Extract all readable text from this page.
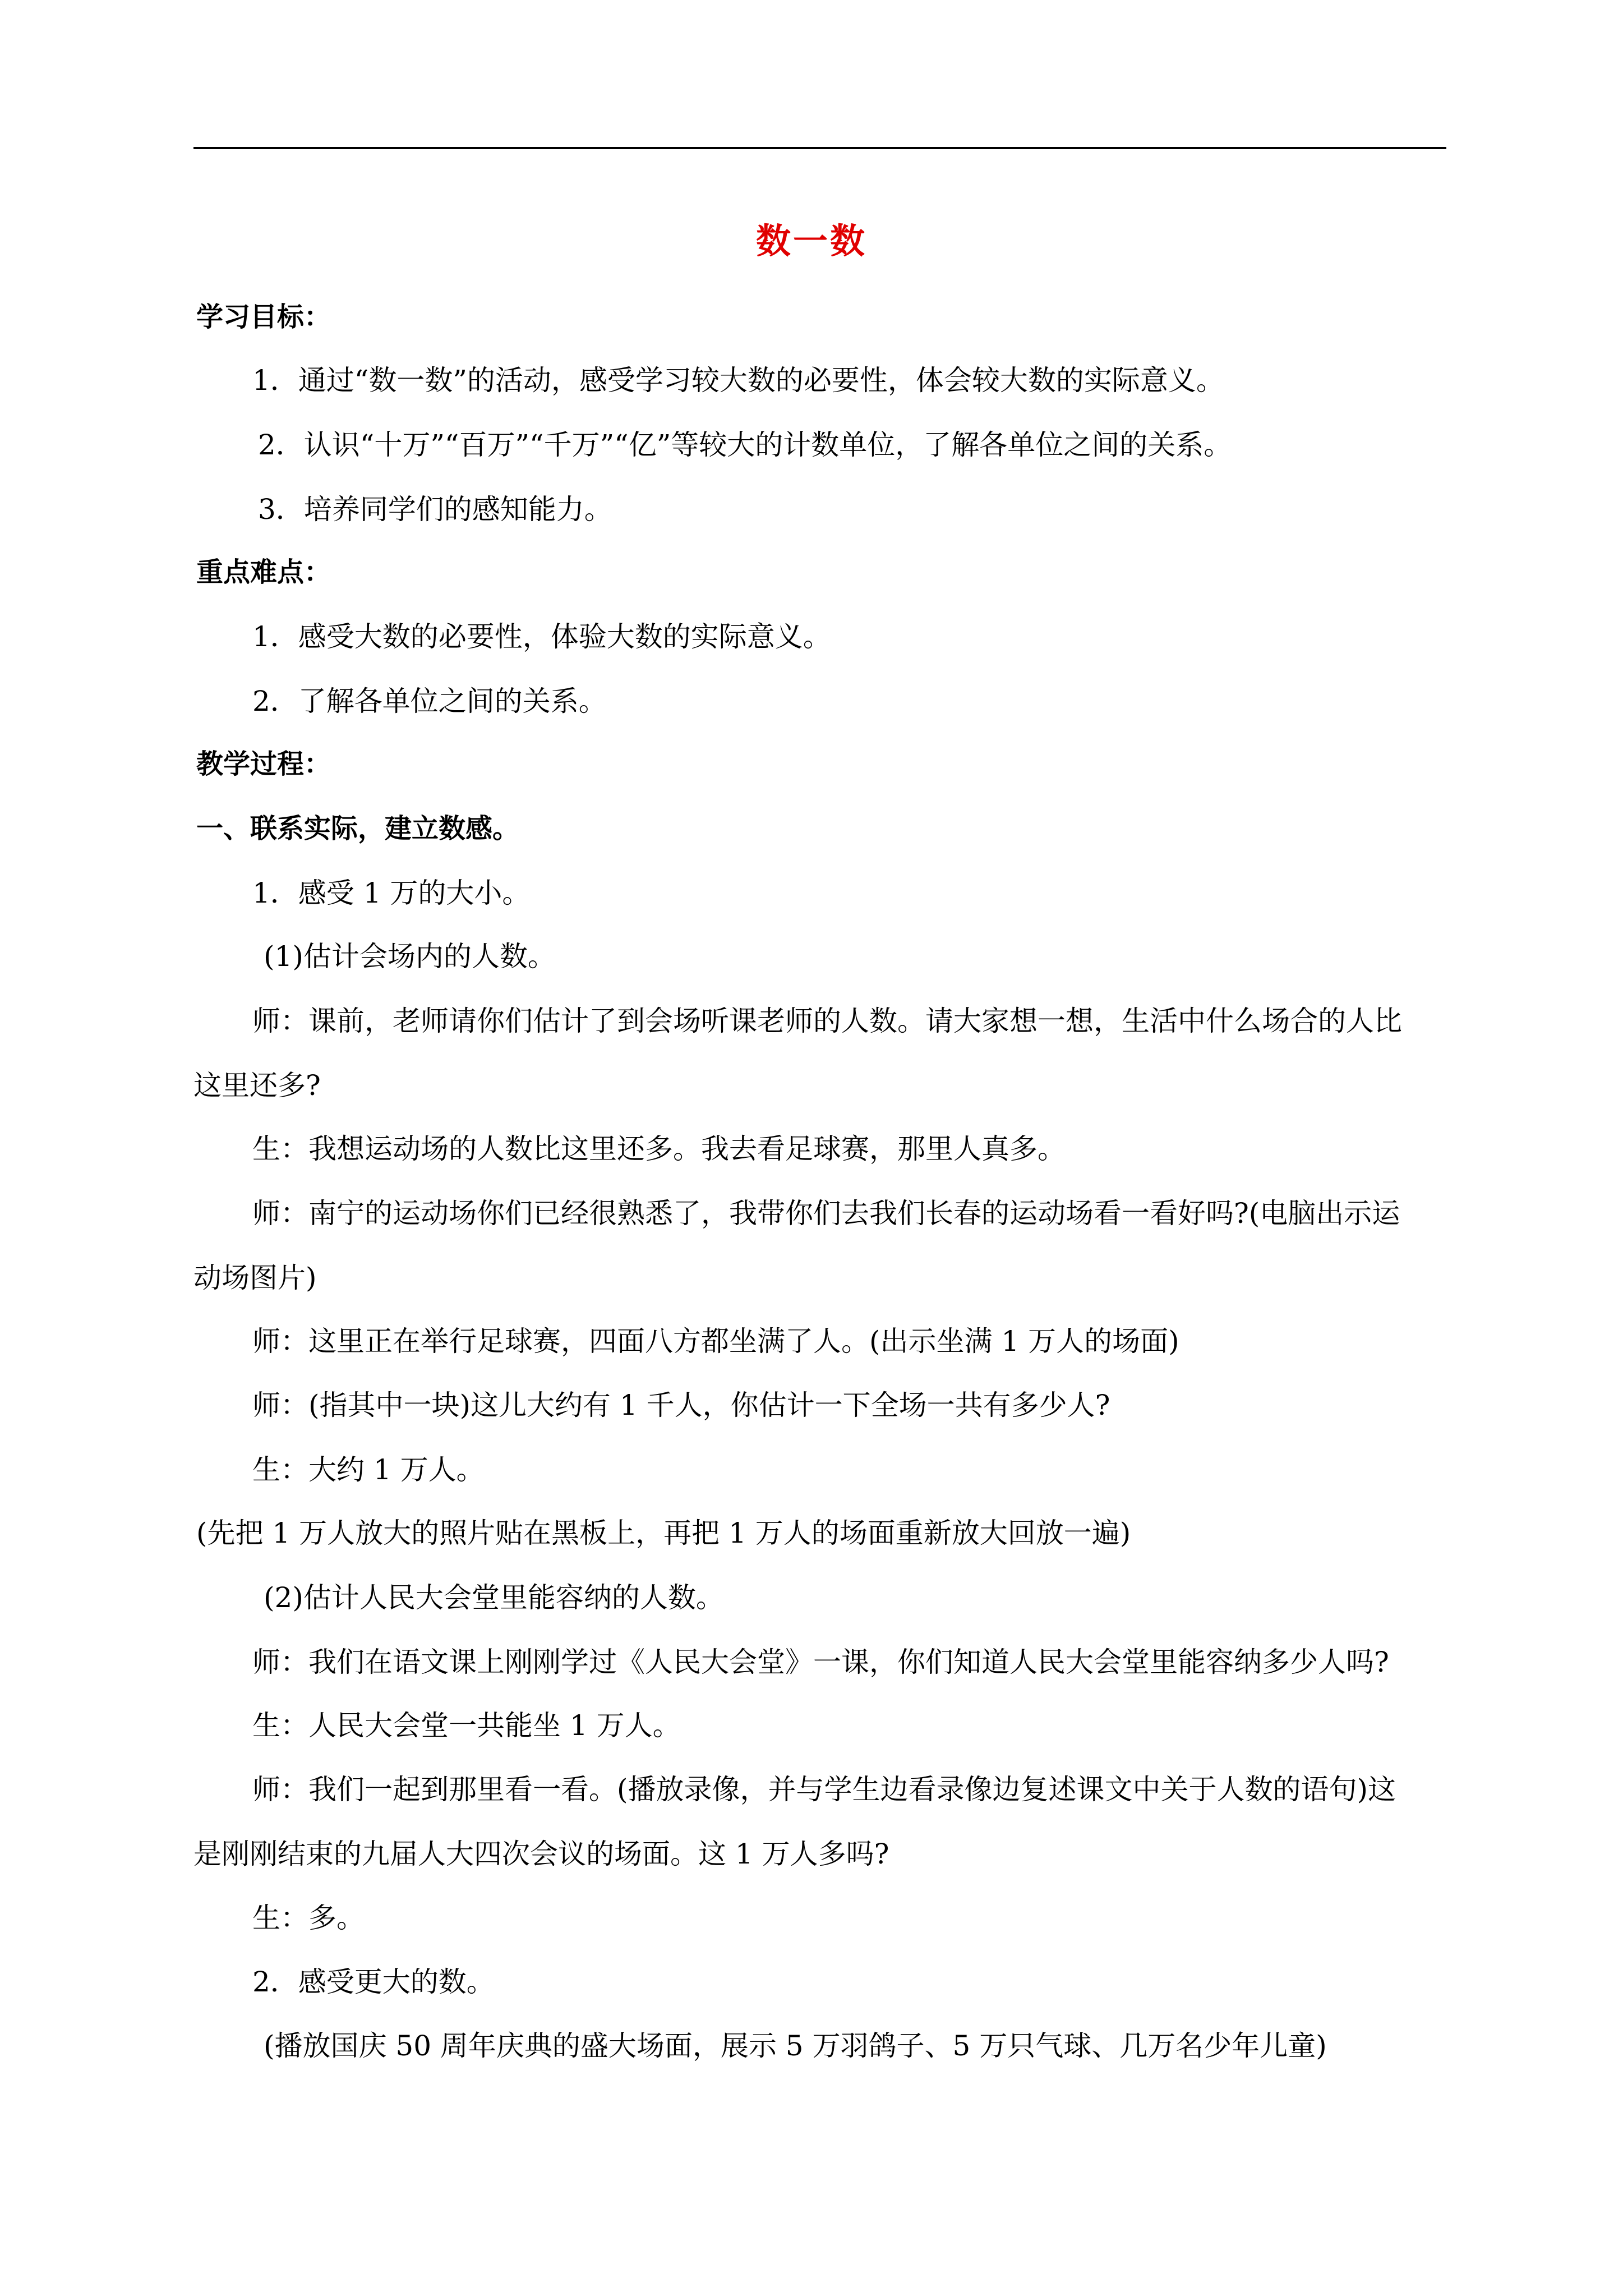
数一数
学习目标：
1．通过“数一数”的活动，感受学习较大数的必要性，体会较大数的实际意义。
2．认识“十万”“百万”“千万”“亿”等较大的计数单位，了解各单位之间的关系。
3．培养同学们的感知能力。
重点难点：
1．感受大数的必要性，体验大数的实际意义。
2．了解各单位之间的关系。
教学过程：
一、联系实际，建立数感。
1．感受 1 万的大小。
(1)估计会场内的人数。
师：课前，老师请你们估计了到会场听课老师的人数。请大家想一想，生活中什么场合的人比
这里还多?
生：我想运动场的人数比这里还多。我去看足球赛，那里人真多。
师：南宁的运动场你们已经很熟悉了，我带你们去我们长春的运动场看一看好吗?(电脑出示运
动场图片)
师：这里正在举行足球赛，四面八方都坐满了人。(出示坐满 1 万人的场面)
师：(指其中一块)这儿大约有 1 千人，你估计一下全场一共有多少人?
生：大约 1 万人。
(先把 1 万人放大的照片贴在黑板上，再把 1 万人的场面重新放大回放一遍)
(2)估计人民大会堂里能容纳的人数。
师：我们在语文课上刚刚学过《人民大会堂》一课，你们知道人民大会堂里能容纳多少人吗?
生：人民大会堂一共能坐 1 万人。
师：我们一起到那里看一看。(播放录像，并与学生边看录像边复述课文中关于人数的语句)这
是刚刚结束的九届人大四次会议的场面。这 1 万人多吗?
生：多。
2．感受更大的数。
(播放国庆 50 周年庆典的盛大场面，展示 5 万羽鸽子、5 万只气球、几万名少年儿童)
